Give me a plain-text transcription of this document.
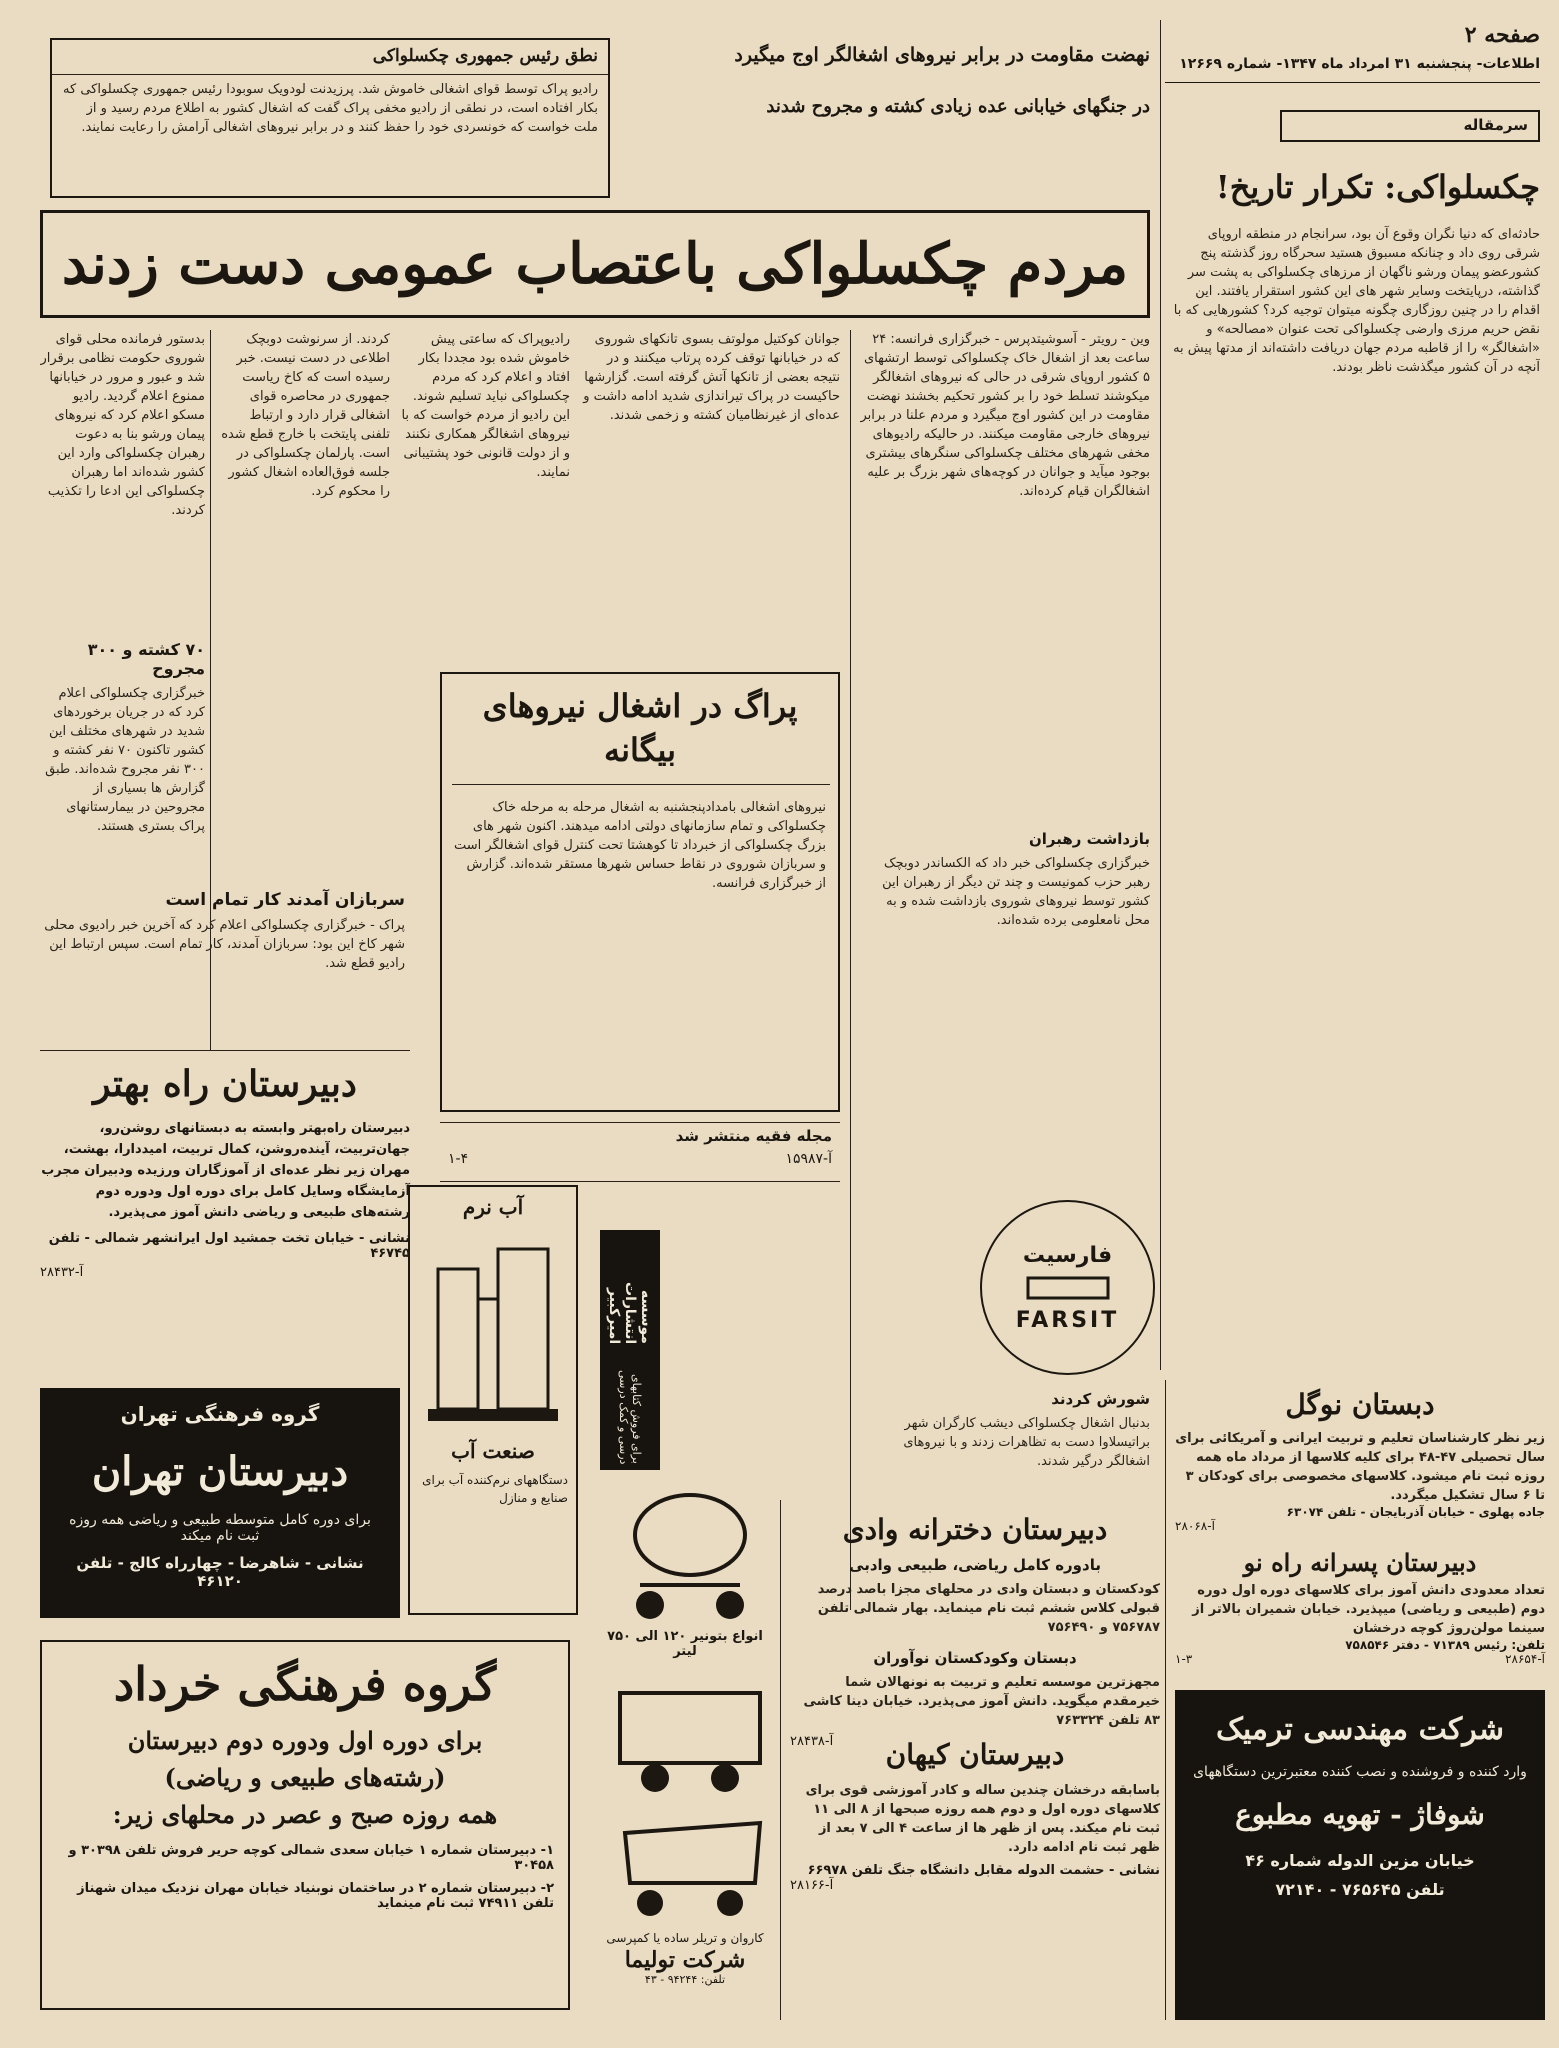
صفحه ۲
اطلاعات- پنجشنبه ۳۱ امرداد ماه ۱۳۴۷- شماره ۱۲۶۶۹
سرمقاله
چکسلواکی: تکرار تاریخ!
حادثه‌ای که دنیا نگران وقوع آن بود، سرانجام در منطقه اروپای شرقی روی داد و چنانکه مسبوق هستید سحرگاه روز گذشته پنج کشورعضو پیمان ورشو ناگهان از مرزهای چکسلواکی به پشت سر گذاشته، درپایتخت وسایر شهر های این کشور استقرار یافتند. این اقدام را در چنین روزگاری چگونه میتوان توجیه کرد؟ کشورهایی که با نقض حریم مرزی وارضی چکسلواکی تحت عنوان «مصالحه» و «اشغالگر» را از قاطبه مردم جهان دریافت داشته‌اند از مدتها پیش به آنچه در آن کشور میگذشت ناظر بودند.
نطق رئیس جمهوری چکسلواکی

رادیو پراک توسط قوای اشغالی خاموش شد. پرزیدنت لودویک سوبودا رئیس جمهوری چکسلواکی که بکار افتاده است، در نطقی از رادیو مخفی پراک گفت که اشغال کشور به اطلاع مردم رسید و از ملت خواست که خونسردی خود را حفظ کنند و در برابر نیروهای اشغالی آرامش را رعایت نمایند.

نهضت مقاومت در برابر نیروهای اشغالگر اوج میگیرد
در جنگهای خیابانی عده زیادی کشته و مجروح شدند
مردم چکسلواکی باعتصاب عمومی دست زدند
وین - رویتر - آسوشیتدپرس - خبرگزاری فرانسه: ۲۴ ساعت بعد از اشغال خاک چکسلواکی توسط ارتشهای ۵ کشور اروپای شرقی در حالی که نیروهای اشغالگر میکوشند تسلط خود را بر کشور تحکیم بخشند نهضت مقاومت در این کشور اوج میگیرد و مردم علنا در برابر نیروهای خارجی مقاومت میکنند. در حالیکه رادیوهای مخفی شهرهای مختلف چکسلواکی سنگرهای بیشتری بوجود میآید و جوانان در کوچه‌های شهر بزرگ بر علیه اشغالگران قیام کرده‌اند.
جوانان کوکتیل مولوتف بسوی تانکهای شوروی که در خیابانها توقف کرده پرتاب میکنند و در نتیجه بعضی از تانکها آتش گرفته است. گزارشها حاکیست در پراک تیراندازی شدید ادامه داشت و عده‌ای از غیرنظامیان کشته و زخمی شدند.
رادیوپراک که ساعتی پیش خاموش شده بود مجددا بکار افتاد و اعلام کرد که مردم چکسلواکی نباید تسلیم شوند. این رادیو از مردم خواست که با نیروهای اشغالگر همکاری نکنند و از دولت قانونی خود پشتیبانی نمایند.
کردند. از سرنوشت دوبچک اطلاعی در دست نیست. خبر رسیده است که کاخ ریاست جمهوری در محاصره قوای اشغالی قرار دارد و ارتباط تلفنی پایتخت با خارج قطع شده است. پارلمان چکسلواکی در جلسه فوق‌العاده اشغال کشور را محکوم کرد.
بدستور فرمانده محلی قوای شوروی حکومت نظامی برقرار شد و عبور و مرور در خیابانها ممنوع اعلام گردید. رادیو مسکو اعلام کرد که نیروهای پیمان ورشو بنا به دعوت رهبران چکسلواکی وارد این کشور شده‌اند اما رهبران چکسلواکی این ادعا را تکذیب کردند.
۷۰ کشته و ۳۰۰ مجروح

خبرگزاری چکسلواکی اعلام کرد که در جریان برخوردهای شدید در شهرهای مختلف این کشور تاکنون ۷۰ نفر کشته و ۳۰۰ نفر مجروح شده‌اند. طبق گزارش ها بسیاری از مجروحین در بیمارستانهای پراک بستری هستند.

سربازان آمدند کار تمام است

پراک - خبرگزاری چکسلواکی اعلام کرد که آخرین خبر رادیوی محلی شهر کاخ این بود: سربازان آمدند، کار تمام است. سپس ارتباط این رادیو قطع شد.

پراگ در اشغال نیروهای بیگانه

نیروهای اشغالی بامدادپنجشنبه به اشغال مرحله به مرحله خاک چکسلواکی و تمام سازمانهای دولتی ادامه میدهند. اکنون شهر های بزرگ چکسلواکی از خبرداد تا کوهشتا تحت کنترل قوای اشغالگر است و سربازان شوروی در نقاط حساس شهرها مستقر شده‌اند. گزارش از خبرگزاری فرانسه.

بازداشت رهبران

خبرگزاری چکسلواکی خبر داد که الکساندر دوبچک رهبر حزب کمونیست و چند تن دیگر از رهبران این کشور توسط نیروهای شوروی بازداشت شده و به محل نامعلومی برده شده‌اند.

شورش کردند

بدنبال اشغال چکسلواکی دیشب کارگران شهر براتیسلاوا دست به تظاهرات زدند و با نیروهای اشغالگر درگیر شدند.

مجله فقیه منتشر شد
آ-۱۵۹۸۷
۱-۴
دبیرستان راه بهتر

دبیرستان راه‌بهتر وابسته به دبستانهای روشن‌رو، جهان‌تربیت، آینده‌روشن، کمال تربیت، امیددارا، بهشت، مهران زیر نظر عده‌ای از آموزگاران ورزیده ودبیران مجرب آزمایشگاه وسایل کامل برای دوره اول ودوره دوم رشته‌های طبیعی و ریاضی دانش آموز می‌پذیرد.

نشانی - خیابان تخت جمشید اول ایرانشهر شمالی - تلفن ۴۶۷۴۵

آ-۲۸۴۳۲

گروه فرهنگی تهران
دبیرستان تهران

برای دوره کامل متوسطه طبیعی و ریاضی همه روزه ثبت نام میکند

نشانی - شاهرضا - چهارراه کالج - تلفن ۴۶۱۲۰

گروه فرهنگی خرداد

برای دوره اول ودوره دوم دبیرستان

(رشته‌های طبیعی و ریاضی)

همه روزه صبح و عصر در محلهای زیر:

۱- دبیرستان شماره ۱ خیابان سعدی شمالی کوچه حریر فروش تلفن ۳۰۳۹۸ و ۳۰۴۵۸

۲- دبیرستان شماره ۲ در ساختمان نوبنیاد خیابان مهران نزدیک میدان شهناز تلفن ۷۴۹۱۱ ثبت نام مینماید

آب نرم
صنعت آب

دستگاههای نرم‌کننده آب برای صنایع و منازل

موسسه انتشارات امیرکبیر
برای فروش کتابهای درسی و کمک درسی
فارسیت
FARSIT
انواع بتونیر ۱۲۰ الی ۷۵۰ لیتر

کاروان و تریلر ساده یا کمپرسی
شرکت تولیما
تلفن: ۹۴۲۴۴ - ۴۳
دبیرستان دخترانه وادی

بادوره کامل ریاضی، طبیعی وادبی

کودکستان و دبستان وادی در محلهای مجزا باصد درصد قبولی کلاس ششم ثبت نام مینماید. بهار شمالی تلفن ۷۵۶۷۸۷ و ۷۵۶۴۹۰

دبستان وکودکستان نوآوران

مجهزترین موسسه تعلیم و تربیت به نونهالان شما خیرمقدم میگوید. دانش آموز می‌پذیرد. خیابان دینا کاشی ۸۳ تلفن ۷۶۳۳۲۴

آ-۲۸۴۳۸	دبیرستان کیهان

باسابقه درخشان چندین ساله و کادر آموزشی قوی برای کلاسهای دوره اول و دوم همه روزه صبحها از ۸ الی ۱۱ ثبت نام میکند. پس از ظهر ها از ساعت ۴ الی ۷ بعد از ظهر ثبت نام ادامه دارد.

نشانی - حشمت الدوله مقابل دانشگاه جنگ تلفن ۶۶۹۷۸

آ-۲۸۱۶۶

دبستان نوگل

زیر نظر کارشناسان تعلیم و تربیت ایرانی و آمریکائی برای سال تحصیلی ۴۷-۴۸ برای کلیه کلاسها از مرداد ماه همه روزه ثبت نام میشود. کلاسهای مخصوصی برای کودکان ۳ تا ۶ سال تشکیل میگردد.

جاده پهلوی - خیابان آذربایجان - تلفن ۶۳۰۷۴

آ-۲۸۰۶۸

دبیرستان پسرانه راه نو

تعداد معدودی دانش آموز برای کلاسهای دوره اول دوره دوم (طبیعی و ریاضی) میپذیرد. خیابان شمیران بالاتر از سینما مولن‌روژ کوچه درخشان

تلفن: رئیس ۷۱۳۸۹ - دفتر ۷۵۸۵۴۶

آ-۲۸۶۵۴
۱-۳
شرکت مهندسی ترمیک

وارد کننده و فروشنده و نصب کننده معتبرترین دستگاههای

شوفاژ - تهویه مطبوع

خیابان مزین الدوله شماره ۴۶

تلفن ۷۶۵۶۴۵ - ۷۲۱۴۰
